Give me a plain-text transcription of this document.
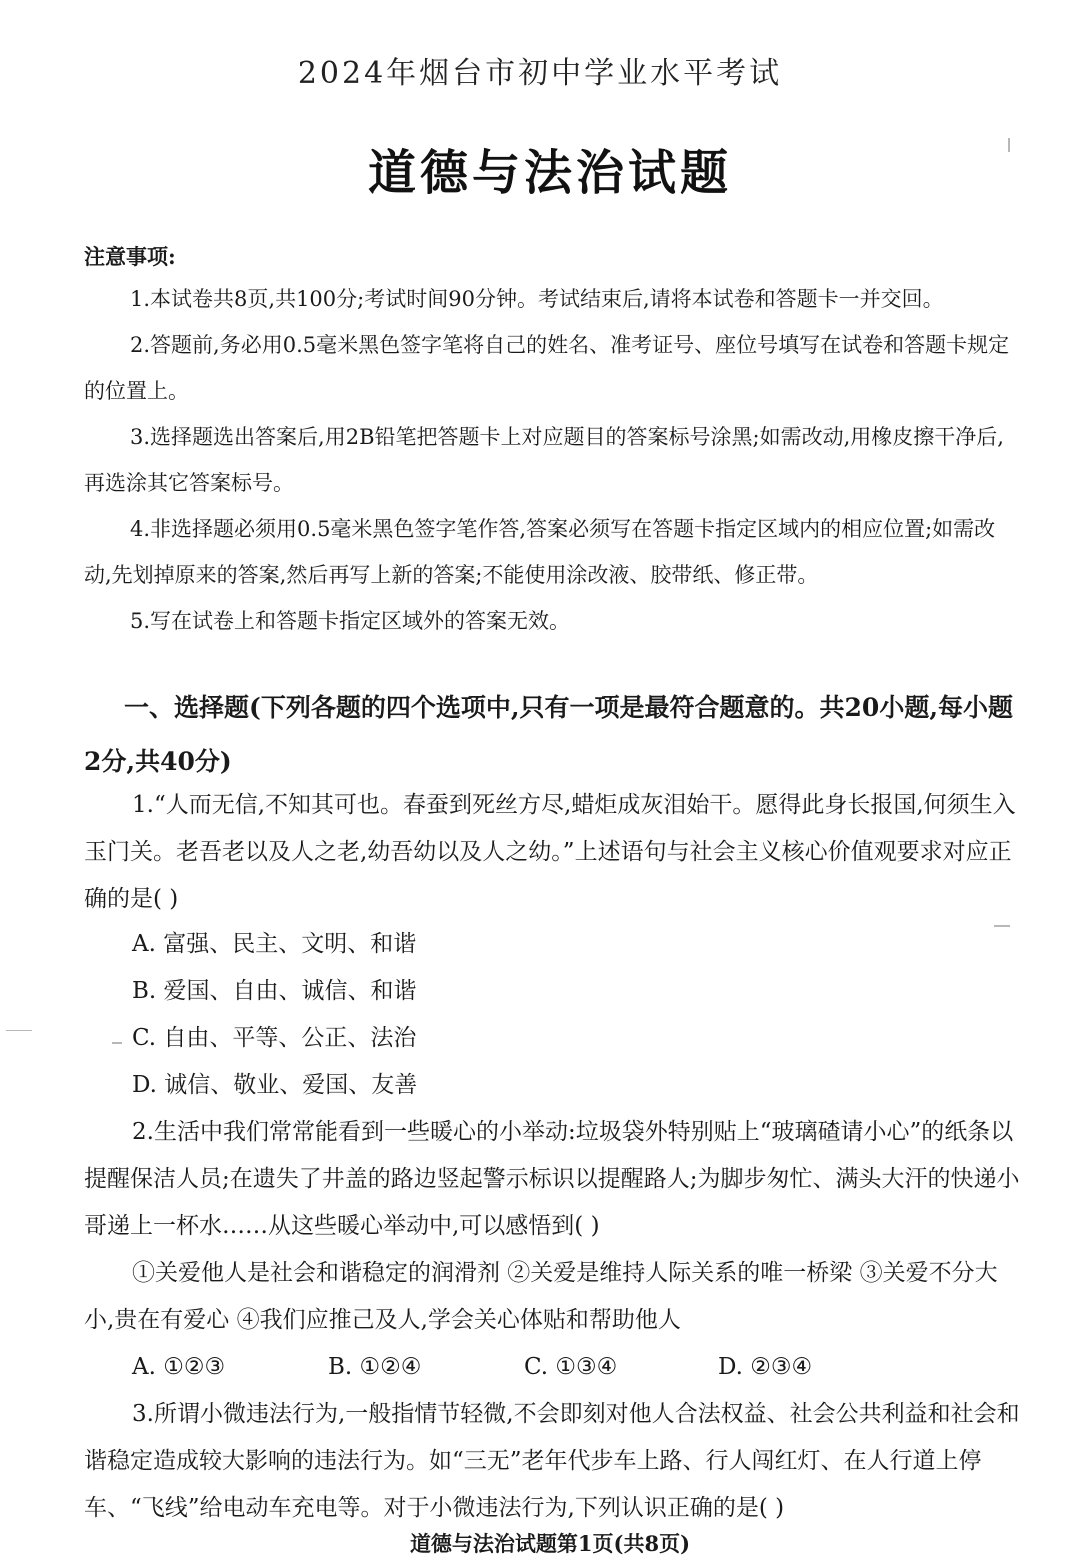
2024年烟台市初中学业水平考试
道德与法治试题
注意事项:

1.本试卷共8页,共100分;考试时间90分钟。考试结束后,请将本试卷和答题卡一并交回。

2.答题前,务必用0.5毫米黑色签字笔将自己的姓名、准考证号、座位号填写在试卷和答题卡规定的位置上。

3.选择题选出答案后,用2B铅笔把答题卡上对应题目的答案标号涂黑;如需改动,用橡皮擦干净后,再选涂其它答案标号。

4.非选择题必须用0.5毫米黑色签字笔作答,答案必须写在答题卡指定区域内的相应位置;如需改动,先划掉原来的答案,然后再写上新的答案;不能使用涂改液、胶带纸、修正带。

5.写在试卷上和答题卡指定区域外的答案无效。

一、选择题(下列各题的四个选项中,只有一项是最符合题意的。共20小题,每小题2分,共40分)

1.“人而无信,不知其可也。春蚕到死丝方尽,蜡炬成灰泪始干。愿得此身长报国,何须生入玉门关。老吾老以及人之老,幼吾幼以及人之幼。”上述语句与社会主义核心价值观要求对应正确的是( )

A. 富强、民主、文明、和谐
B. 爱国、自由、诚信、和谐
C. 自由、平等、公正、法治
D. 诚信、敬业、爱国、友善

2.生活中我们常常能看到一些暖心的小举动:垃圾袋外特别贴上“玻璃碴请小心”的纸条以提醒保洁人员;在遗失了井盖的路边竖起警示标识以提醒路人;为脚步匆忙、满头大汗的快递小哥递上一杯水……从这些暖心举动中,可以感悟到( )

①关爱他人是社会和谐稳定的润滑剂 ②关爱是维持人际关系的唯一桥梁 ③关爱不分大小,贵在有爱心 ④我们应推己及人,学会关心体贴和帮助他人

A. ①②③	B. ①②④	C. ①③④	D. ②③④

3.所谓小微违法行为,一般指情节轻微,不会即刻对他人合法权益、社会公共利益和社会和谐稳定造成较大影响的违法行为。如“三无”老年代步车上路、行人闯红灯、在人行道上停车、“飞线”给电动车充电等。对于小微违法行为,下列认识正确的是( )

道德与法治试题第1页(共8页)
